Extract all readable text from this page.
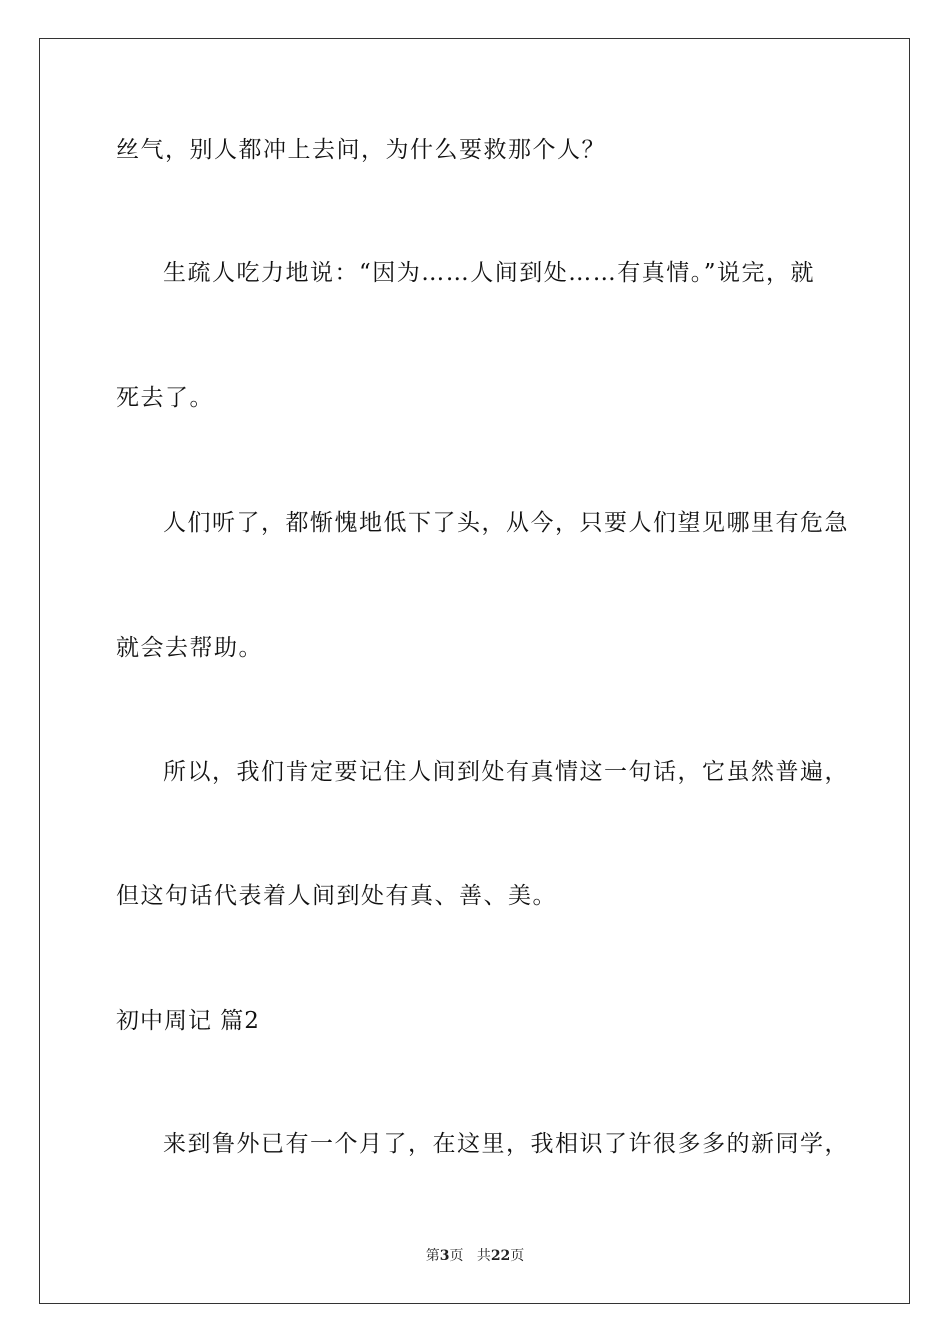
丝气，别人都冲上去问，为什么要救那个人？
生疏人吃力地说：“因为……人间到处……有真情。”说完，就
死去了。
人们听了，都惭愧地低下了头，从今，只要人们望见哪里有危急
就会去帮助。
所以，我们肯定要记住人间到处有真情这一句话，它虽然普遍，
但这句话代表着人间到处有真、善、美。
初中周记 篇2
来到鲁外已有一个月了，在这里，我相识了许很多多的新同学，
第3页 共22页
